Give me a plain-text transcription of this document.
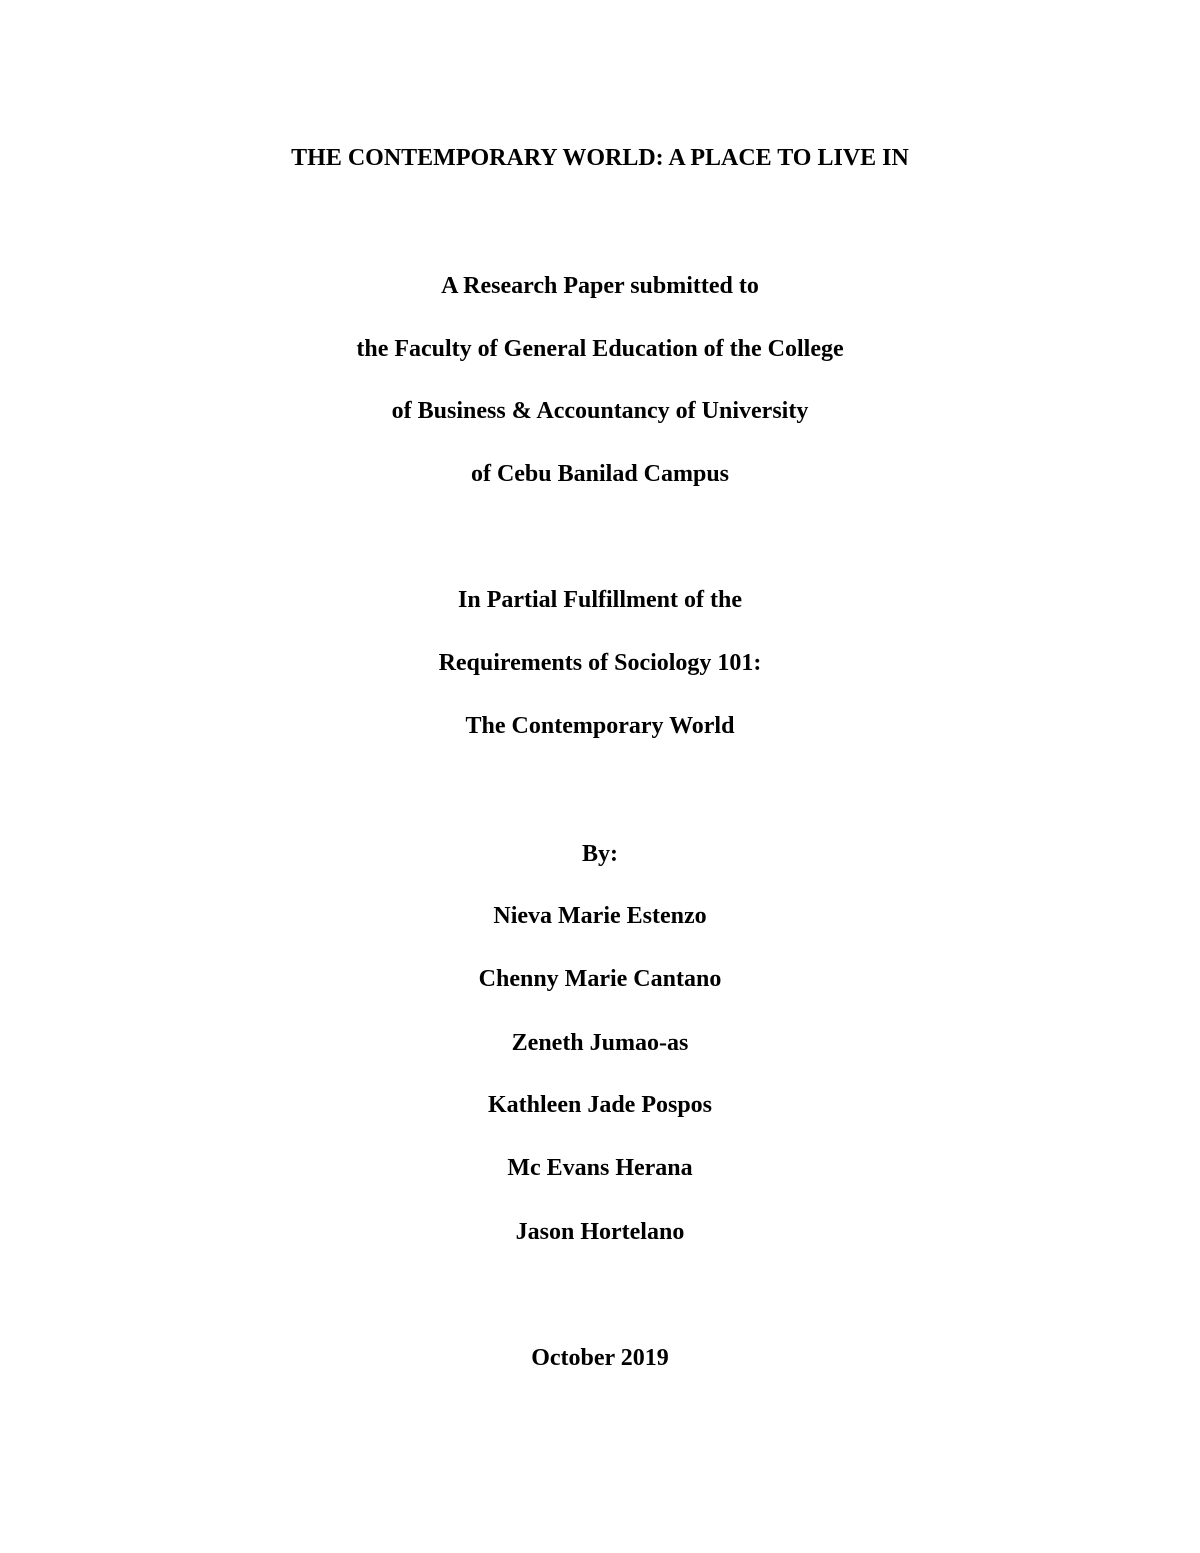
THE CONTEMPORARY WORLD: A PLACE TO LIVE IN
A Research Paper submitted to
the Faculty of General Education of the College
of Business & Accountancy of University
of Cebu Banilad Campus
In Partial Fulfillment of the
Requirements of Sociology 101:
The Contemporary World
By:
Nieva Marie Estenzo
Chenny Marie Cantano
Zeneth Jumao-as
Kathleen Jade Pospos
Mc Evans Herana
Jason Hortelano
October 2019
